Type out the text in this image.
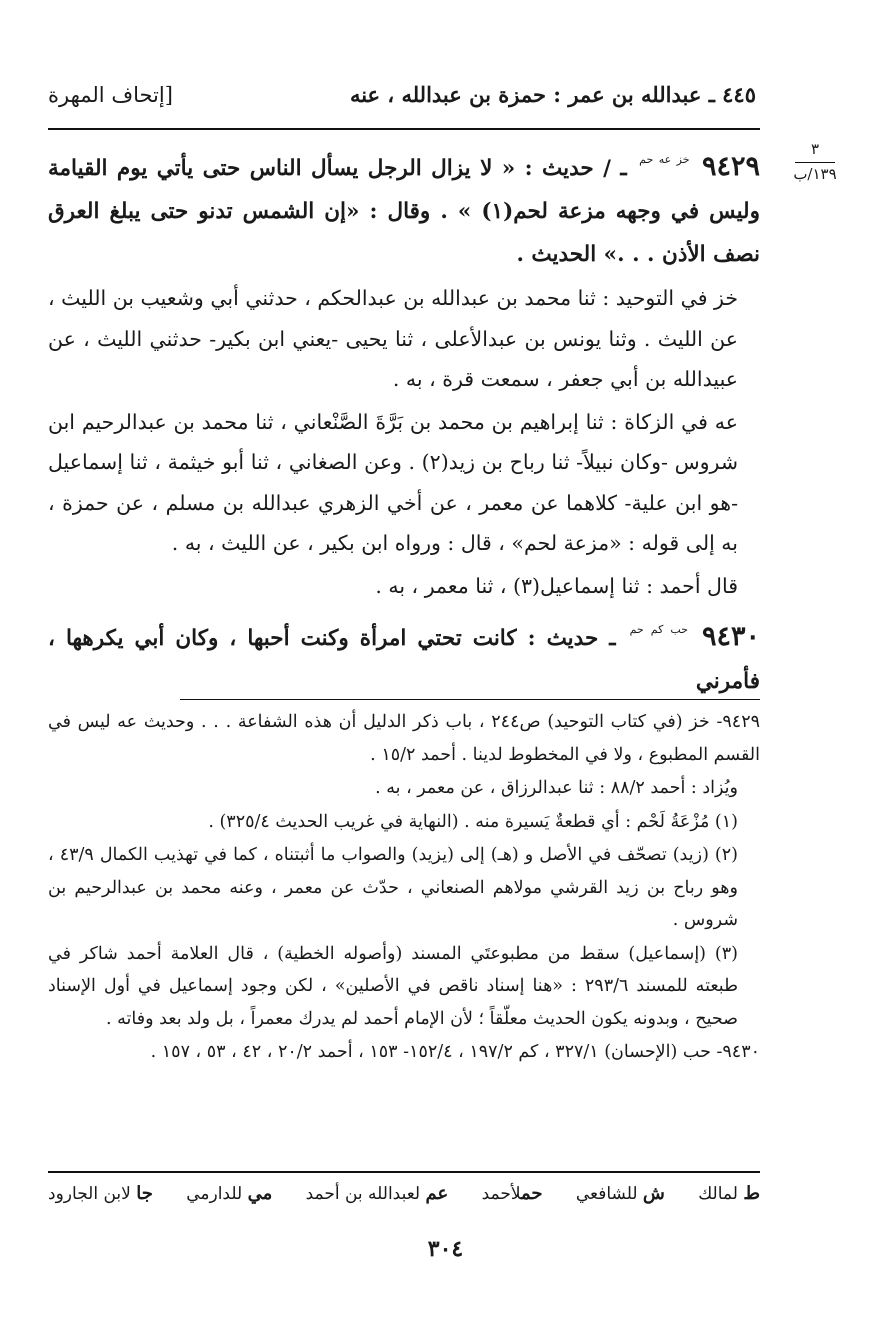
٤٤٥ ـ عبدالله بن عمر : حمزة بن عبدالله ، عنه
[إتحاف المهرة
٣
١٣٩/ب

٩٤٢٩ $^{خز عه حم}$ ـ / حديث : « لا يزال الرجل يسأل الناس حتى يأتي يوم القيامة وليس في وجهه مزعة لحم(١) » . وقال : «إن الشمس تدنو حتى يبلغ العرق نصف الأذن . . .» الحديث .

خز في التوحيد : ثنا محمد بن عبدالله بن عبدالحكم ، حدثني أبي وشعيب بن الليث ، عن الليث . وثنا يونس بن عبدالأعلى ، ثنا يحيى -يعني ابن بكير- حدثني الليث ، عن عبيدالله بن أبي جعفر ، سمعت قرة ، به .

عه في الزكاة : ثنا إبراهيم بن محمد بن بَرَّةَ الصَّنْعاني ، ثنا محمد بن عبدالرحيم ابن شروس -وكان نبيلاً- ثنا رباح بن زيد(٢) . وعن الصغاني ، ثنا أبو خيثمة ، ثنا إسماعيل -هو ابن علية- كلاهما عن معمر ، عن أخي الزهري عبدالله بن مسلم ، عن حمزة ، به إلى قوله : «مزعة لحم» ، قال : ورواه ابن بكير ، عن الليث ، به .

قال أحمد : ثنا إسماعيل(٣) ، ثنا معمر ، به .

٩٤٣٠ $^{حب كم حم}$ ـ حديث : كانت تحتي امرأة وكنت أحبها ، وكان أبي يكرهها ، فأمرني

٩٤٢٩- خز (في كتاب التوحيد) ص٢٤٤ ، باب ذكر الدليل أن هذه الشفاعة . . . وحديث عه ليس في القسم المطبوع ، ولا في المخطوط لدينا . أحمد ١٥/٢ .

ويُزاد : أحمد ٨٨/٢ : ثنا عبدالرزاق ، عن معمر ، به .

(١) مُزْعَةُ لَحْم : أي قطعةٌ يَسيرة منه . (النهاية في غريب الحديث ٣٢٥/٤) .

(٢) (زيد) تصحّف في الأصل و (هـ) إلى (يزيد) والصواب ما أثبتناه ، كما في تهذيب الكمال ٤٣/٩ ، وهو رباح بن زيد القرشي مولاهم الصنعاني ، حدّث عن معمر ، وعنه محمد بن عبدالرحيم بن شروس .

(٣) (إسماعيل) سقط من مطبوعتَي المسند (وأصوله الخطية) ، قال العلامة أحمد شاكر في طبعته للمسند ٢٩٣/٦ : «هنا إسناد ناقص في الأصلين» ، لكن وجود إسماعيل في أول الإسناد صحيح ، وبدونه يكون الحديث معلّقاً ؛ لأن الإمام أحمد لم يدرك معمراً ، بل ولد بعد وفاته .

٩٤٣٠- حب (الإحسان) ٣٢٧/١ ، كم ١٩٧/٢ ، ١٥٢/٤- ١٥٣ ، أحمد ٢٠/٢ ، ٤٢ ، ٥٣ ، ١٥٧ .

ط لمالك
ش للشافعي
حملأحمد
عم لعبدالله بن أحمد
مي للدارمي
جا لابن الجارود
٣٠٤
